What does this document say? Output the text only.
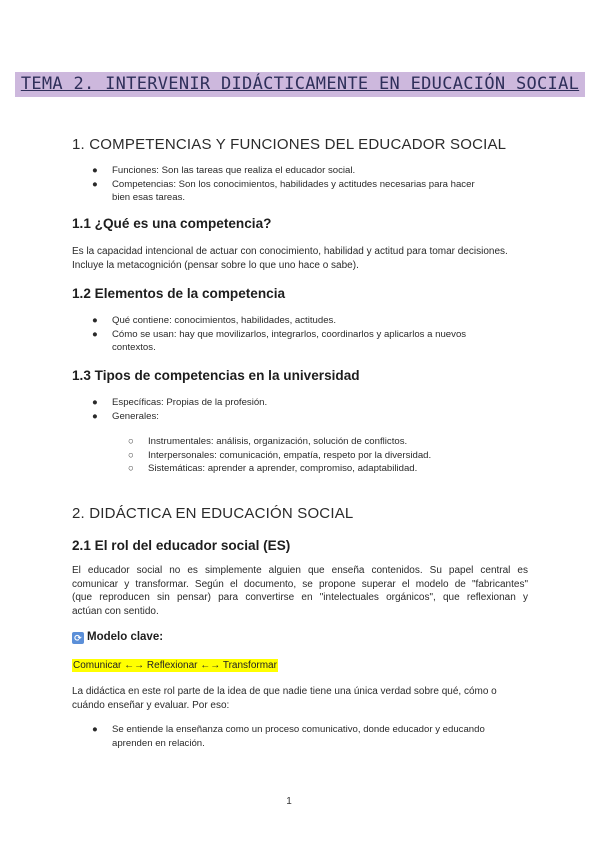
TEMA 2. INTERVENIR DIDÁCTICAMENTE EN EDUCACIÓN SOCIAL
1. COMPETENCIAS Y FUNCIONES DEL EDUCADOR SOCIAL
● Funciones: Son las tareas que realiza el educador social.
● Competencias: Son los conocimientos, habilidades y actitudes necesarias para hacer
bien esas tareas.
1.1 ¿Qué es una competencia?
Es la capacidad intencional de actuar con conocimiento, habilidad y actitud para tomar decisiones.
Incluye la metacognición (pensar sobre lo que uno hace o sabe).
1.2 Elementos de la competencia
● Qué contiene: conocimientos, habilidades, actitudes.
● Cómo se usan: hay que movilizarlos, integrarlos, coordinarlos y aplicarlos a nuevos
contextos.
1.3 Tipos de competencias en la universidad
● Específicas: Propias de la profesión.
● Generales:
○ Instrumentales: análisis, organización, solución de conflictos.
○ Interpersonales: comunicación, empatía, respeto por la diversidad.
○ Sistemáticas: aprender a aprender, compromiso, adaptabilidad.
2. DIDÁCTICA EN EDUCACIÓN SOCIAL
2.1 El rol del educador social (ES)
El educador social no es simplemente alguien que enseña contenidos. Su papel central es
comunicar y transformar. Según el documento, se propone superar el modelo de "fabricantes"
(que reproducen sin pensar) para convertirse en "intelectuales orgánicos", que reflexionan y
actúan con sentido.
⟳ Modelo clave:
Comunicar ←→ Reflexionar ←→ Transformar
La didáctica en este rol parte de la idea de que nadie tiene una única verdad sobre qué, cómo o
cuándo enseñar y evaluar. Por eso:
● Se entiende la enseñanza como un proceso comunicativo, donde educador y educando
aprenden en relación.
1
